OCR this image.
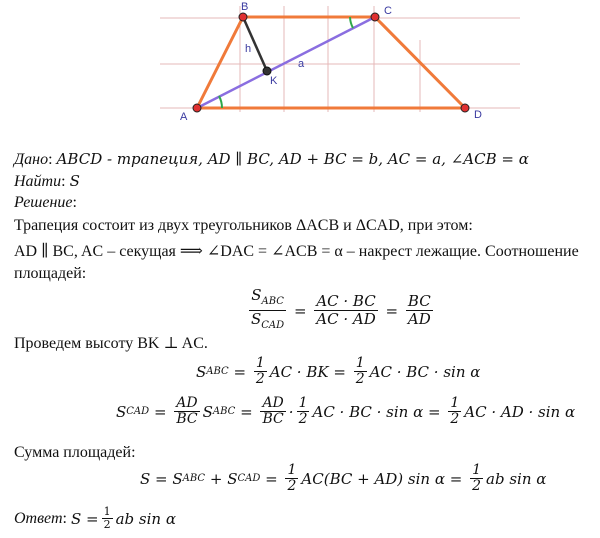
A
B	C
D
K
h
a
Дано: ABCD - трапеция, AD ∥ BC, AD + BC = b, AC = a, ∠ACB = α
Найти: S
Решение:
Трапеция состоит из двух треугольников ΔACB и ΔCAD, при этом:
AD ∥ BC, AC – секущая ⟹ ∠DAC = ∠ACB = α – накрест лежащие. Соотношение
площадей:
$\frac{S_{ABC}}{S_{CAD}} = \frac{AC \cdot BC}{AC \cdot AD} = \frac{BC}{AD}$
Проведем высоту BK ⊥ AC.
S ABC = $\frac{1}{2}$ AC · BK =
$\frac{1}{2}$ AC · BC · sin α
S CAD = $\frac{AD}{BC}$ S ABC = $\frac{AD}{BC} \cdot \frac{1}{2}$ AC · BC · sin α =
$\frac{1}{2}$ AC · AD · sin α
Сумма площадей:
S = S ABC
+ S CAD = $\frac{1}{2} AC(BC + AD)$ sin α =
$\frac{1}{2}$ ab sin α
Ответ : $S = \frac{1}{2}$ ab sin α
